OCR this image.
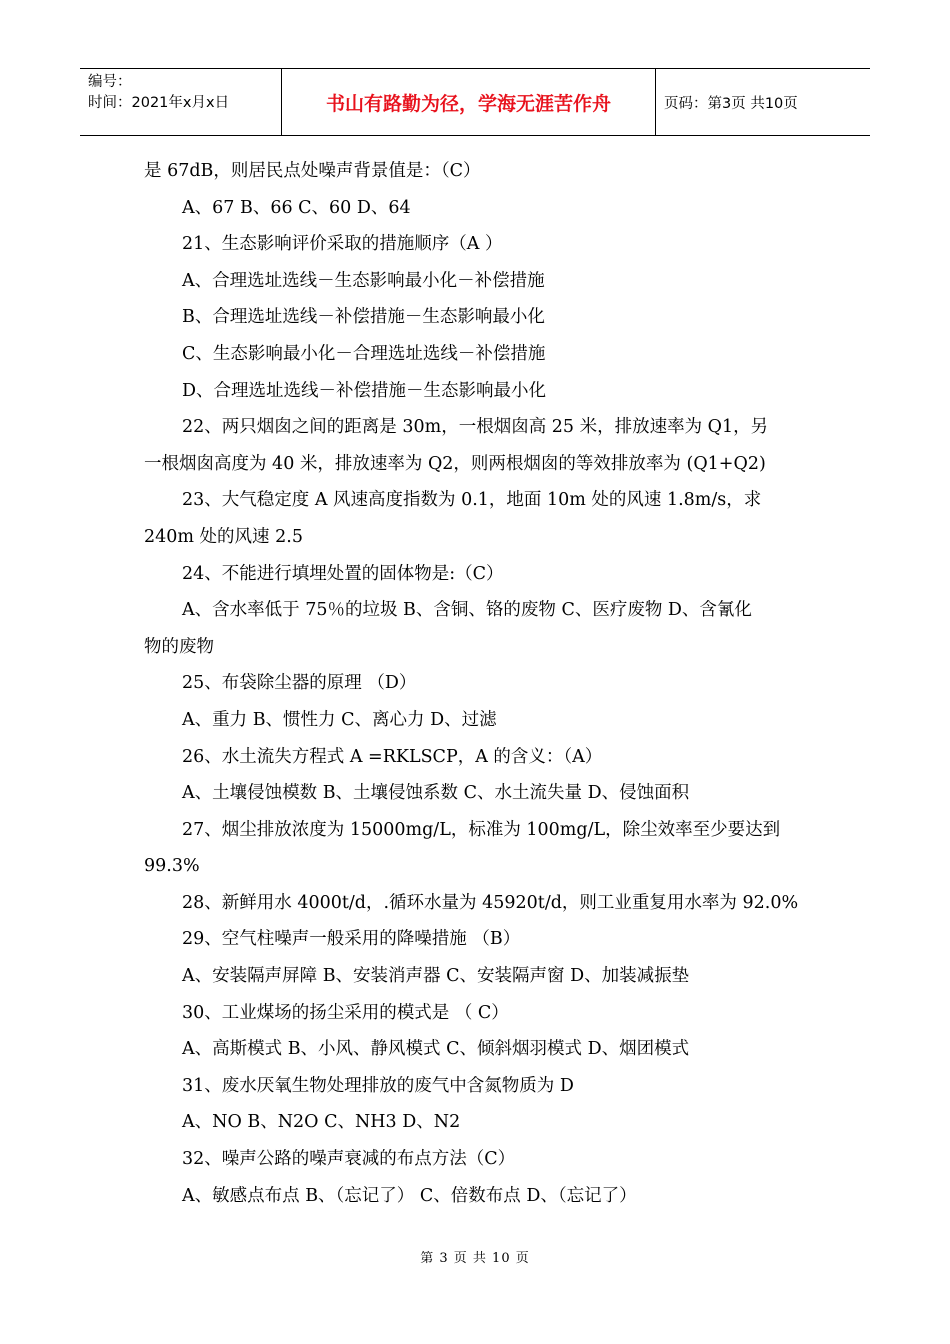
编号：
时间：2021年x月x日	书山有路勤为径，学海无涯苦作舟	页码：第3页 共10页
是 67dB，则居民点处噪声背景值是：（C）
A、67 B、66 C、60 D、64
21、生态影响评价采取的措施顺序（A ）
A、合理选址选线－生态影响最小化－补偿措施
B、合理选址选线－补偿措施－生态影响最小化
C、生态影响最小化－合理选址选线－补偿措施
D、合理选址选线－补偿措施－生态影响最小化
22、两只烟囱之间的距离是 30m，一根烟囱高 25 米，排放速率为 Q1，另
一根烟囱高度为 40 米，排放速率为 Q2，则两根烟囱的等效排放率为 (Q1+Q2)
23、大气稳定度 A 风速高度指数为 0.1，地面 10m 处的风速 1.8m/s，求
240m 处的风速 2.5
24、不能进行填埋处置的固体物是:（C）
A、含水率低于 75％的垃圾 B、含铜、铬的废物 C、医疗废物 D、含氰化
物的废物
25、布袋除尘器的原理 （D）
A、重力 B、惯性力 C、离心力 D、过滤
26、水土流失方程式 A =RKLSCP，A 的含义：（A）
A、土壤侵蚀模数 B、土壤侵蚀系数 C、水土流失量 D、侵蚀面积
27、烟尘排放浓度为 15000mg/L，标准为 100mg/L，除尘效率至少要达到
99.3%
28、新鲜用水 4000t/d，.循环水量为 45920t/d，则工业重复用水率为 92.0%
29、空气柱噪声一般采用的降噪措施 （B）
A、安装隔声屏障 B、安装消声器 C、安装隔声窗 D、加装减振垫
30、工业煤场的扬尘采用的模式是 （ C）
A、高斯模式 B、小风、静风模式 C、倾斜烟羽模式 D、烟团模式
31、废水厌氧生物处理排放的废气中含氮物质为 D
A、NO B、N2O C、NH3 D、N2
32、噪声公路的噪声衰减的布点方法（C）
A、敏感点布点 B、（忘记了） C、倍数布点 D、（忘记了）
第 3 页 共 10 页
